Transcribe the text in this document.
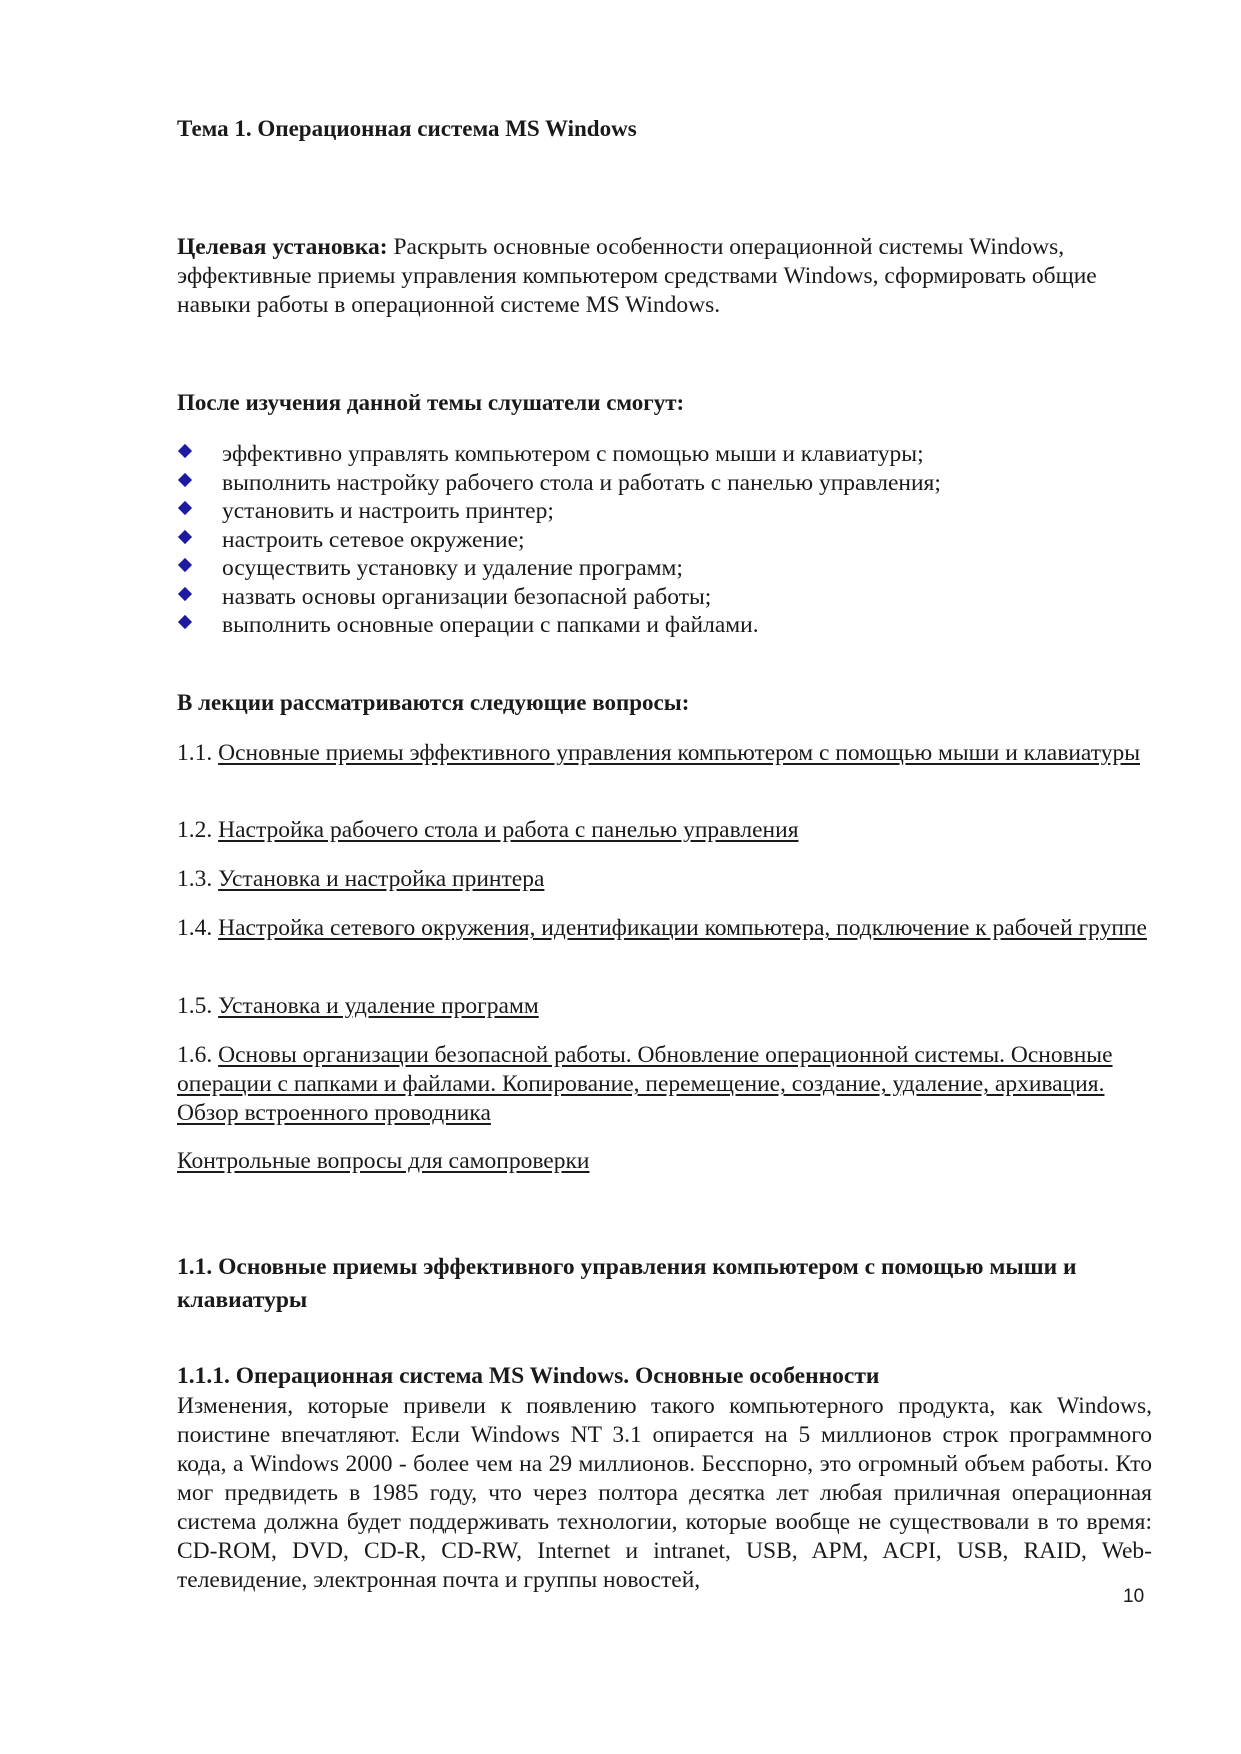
Тема 1. Операционная система MS Windows
Целевая установка: Раскрыть основные особенности операционной системы Windows, эффективные приемы управления компьютером средствами Windows, сформировать общие навыки работы в операционной системе MS Windows.
После изучения данной темы слушатели смогут:
эффективно управлять компьютером с помощью мыши и клавиатуры;
выполнить настройку рабочего стола и работать с панелью управления;
установить и настроить принтер;
настроить сетевое окружение;
осуществить установку и удаление программ;
назвать основы организации безопасной работы;
выполнить основные операции с папками и файлами.
В лекции рассматриваются следующие вопросы:
1.1. Основные приемы эффективного управления компьютером с помощью мыши и клавиатуры
1.2. Настройка рабочего стола и работа с панелью управления
1.3. Установка и настройка принтера
1.4. Настройка сетевого окружения, идентификации компьютера, подключение к рабочей группе
1.5. Установка и удаление программ
1.6. Основы организации безопасной работы. Обновление операционной системы. Основные операции с папками и файлами. Копирование, перемещение, создание, удаление, архивация. Обзор встроенного проводника
Контрольные вопросы для самопроверки
1.1. Основные приемы эффективного управления компьютером с помощью мыши и клавиатуры
1.1.1. Операционная система MS Windows. Основные особенности
Изменения, которые привели к появлению такого компьютерного продукта, как Windows, поистине впечатляют. Если Windows NT 3.1 опирается на 5 миллионов строк программного кода, а Windows 2000 - более чем на 29 миллионов. Бесспорно, это огромный объем работы. Кто мог предвидеть в 1985 году, что через полтора десятка лет любая приличная операционная система должна будет поддерживать технологии, которые вообще не существовали в то время: CD-ROM, DVD, CD-R, CD-RW, Internet и intranet, USB, APM, ACPI, USB, RAID, Web-телевидение, электронная почта и группы новостей,
10
